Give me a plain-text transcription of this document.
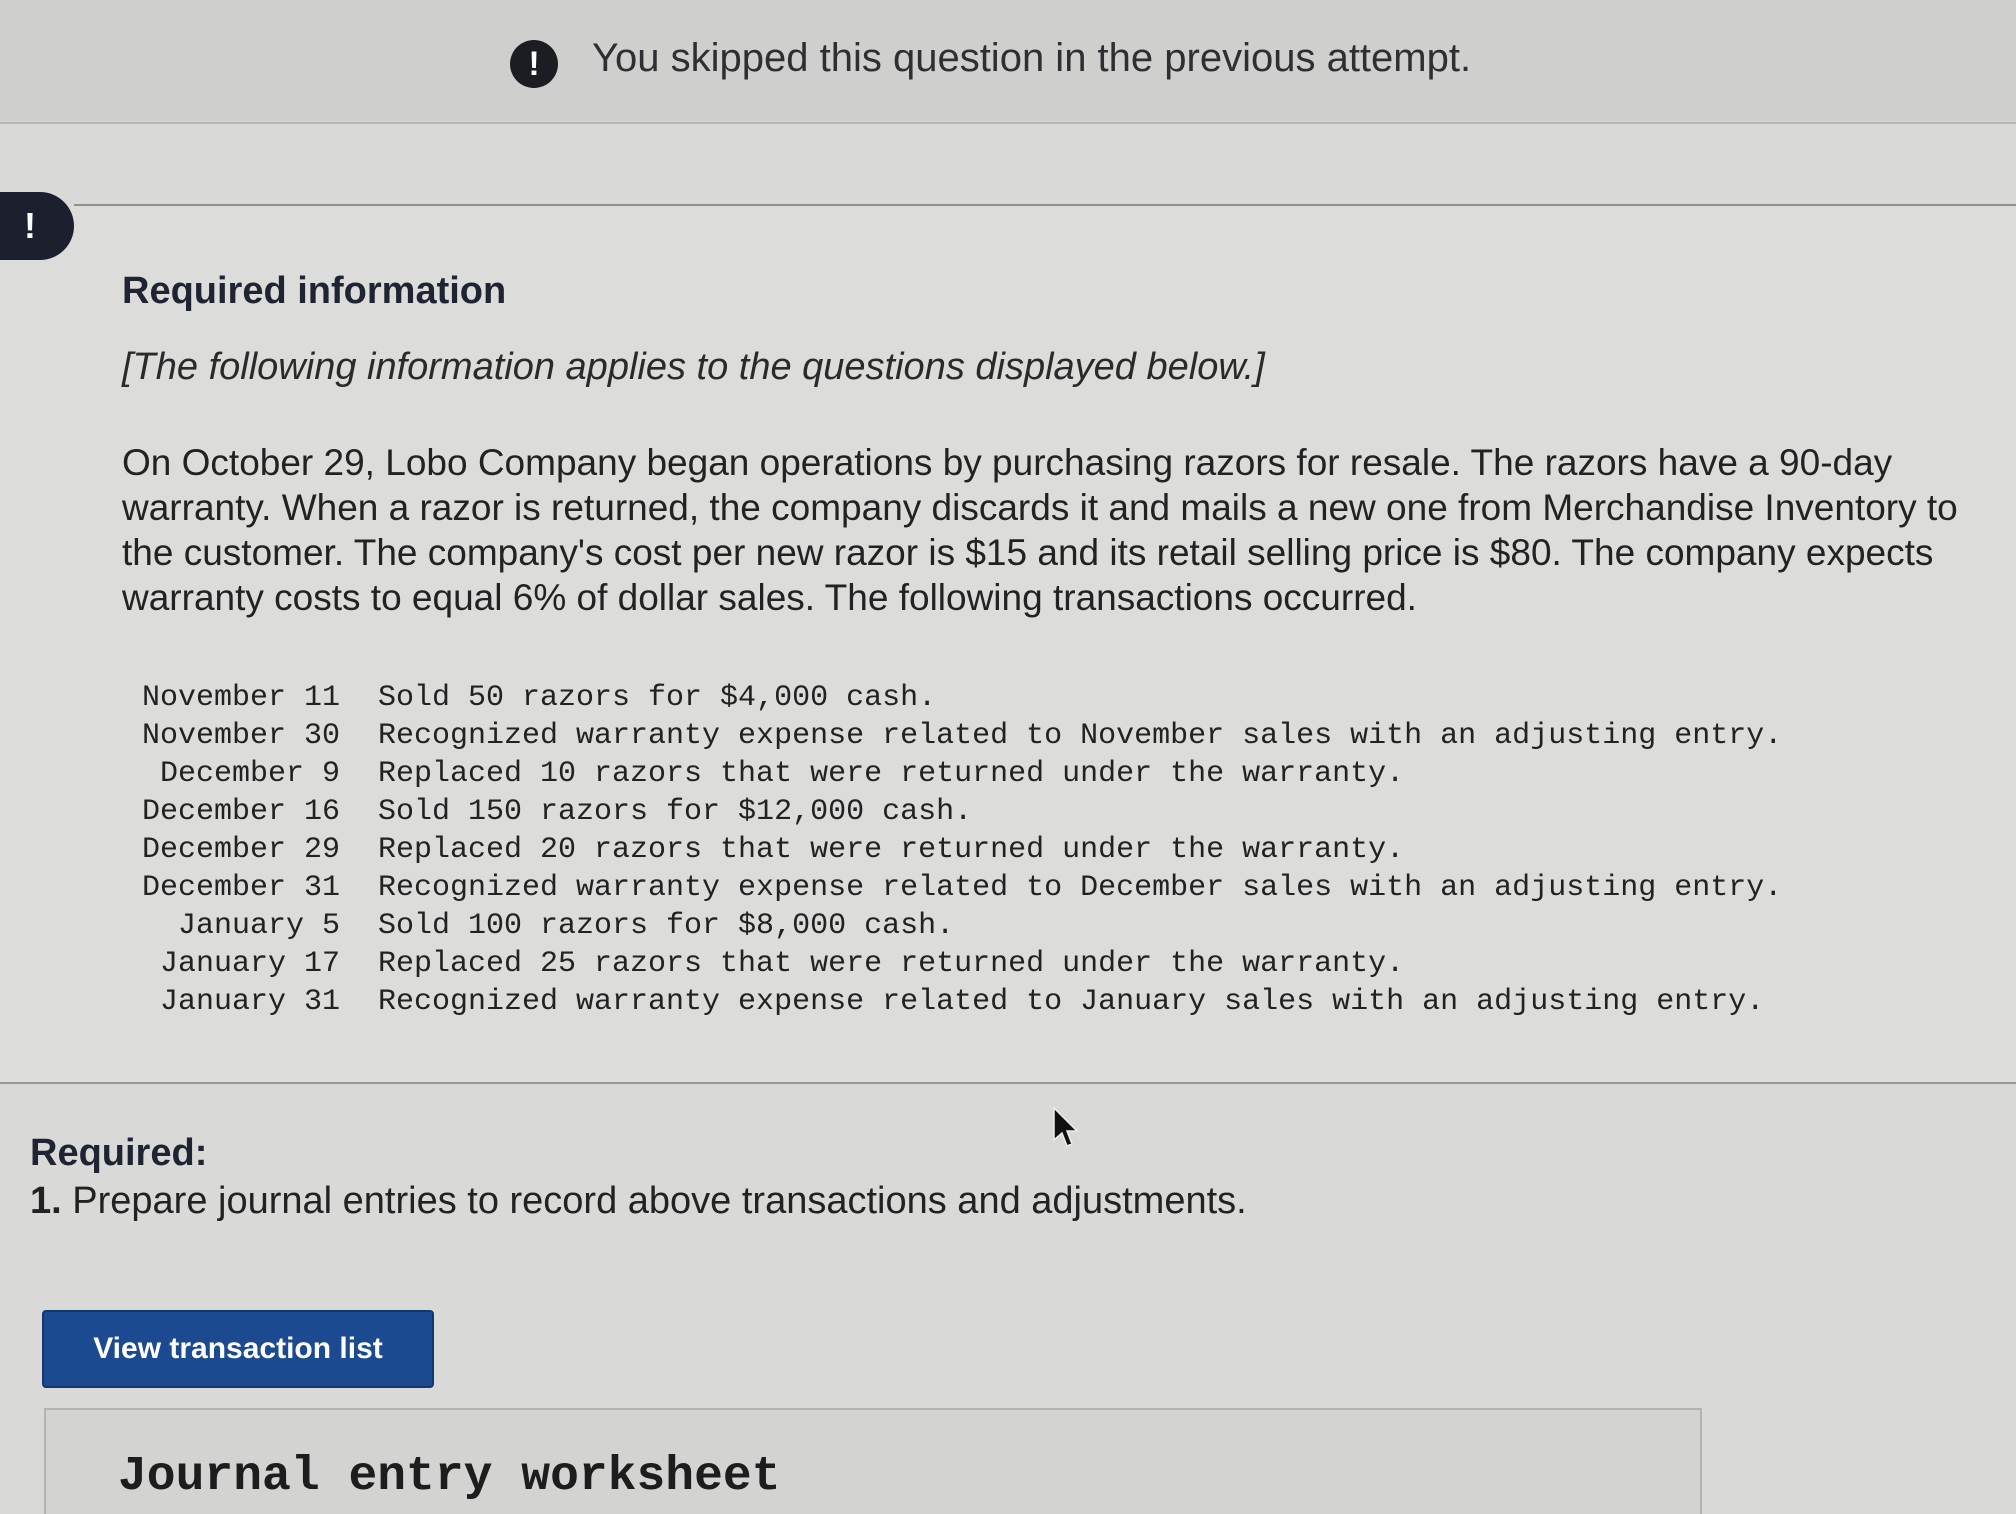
!	You skipped this question in the previous attempt.
!
Required information
[The following information applies to the questions displayed below.]
On October 29, Lobo Company began operations by purchasing razors for resale. The razors have a 90-day warranty. When a razor is returned, the company discards it and mails a new one from Merchandise Inventory to the customer. The company's cost per new razor is $15 and its retail selling price is $80. The company expects warranty costs to equal 6% of dollar sales. The following transactions occurred.
November 11	Sold 50 razors for $4,000 cash.
November 30	Recognized warranty expense related to November sales with an adjusting entry.
December 9	Replaced 10 razors that were returned under the warranty.
December 16	Sold 150 razors for $12,000 cash.
December 29	Replaced 20 razors that were returned under the warranty.
December 31	Recognized warranty expense related to December sales with an adjusting entry.
January 5	Sold 100 razors for $8,000 cash.
January 17	Replaced 25 razors that were returned under the warranty.
January 31	Recognized warranty expense related to January sales with an adjusting entry.
Required:
1. Prepare journal entries to record above transactions and adjustments.
View transaction list
Journal entry worksheet
